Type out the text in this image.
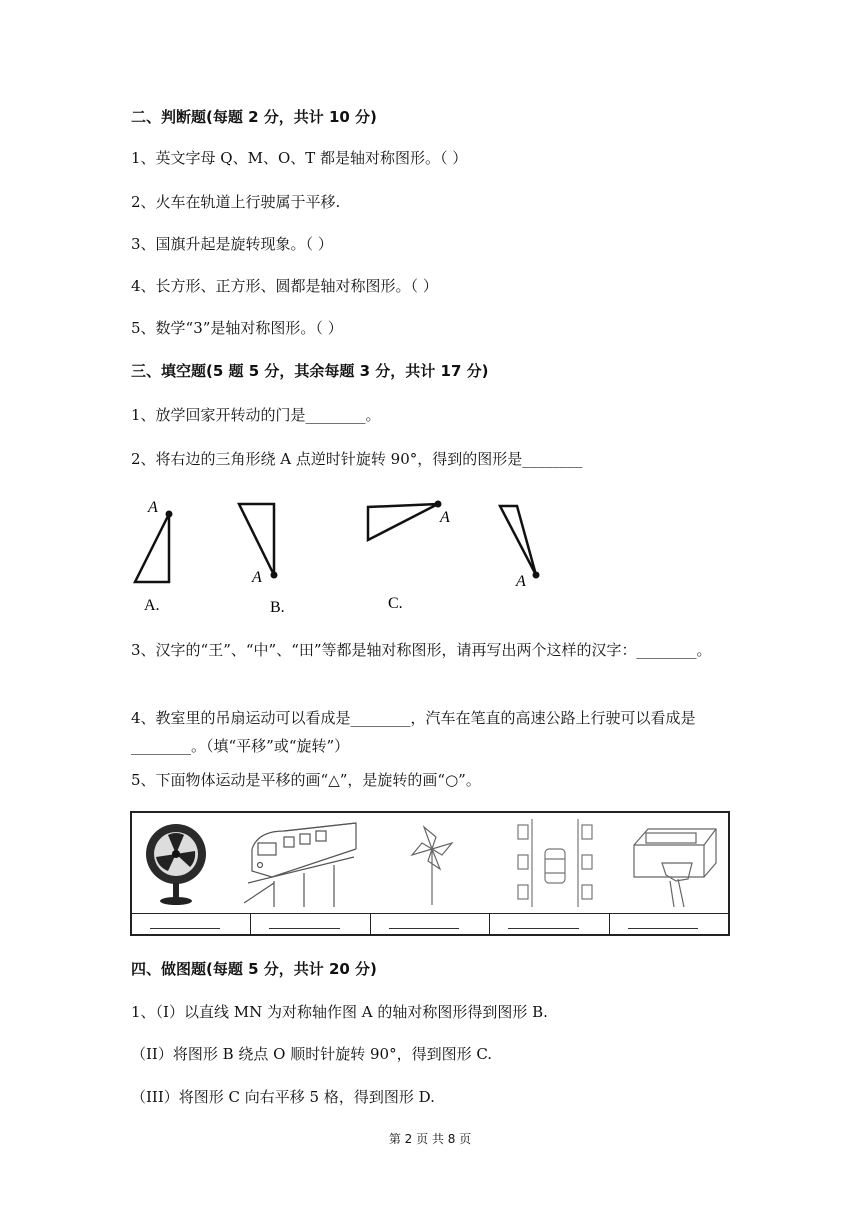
二、判断题(每题 2 分，共计 10 分)
1、英文字母 Q、M、O、T 都是轴对称图形。（ ）
2、火车在轨道上行驶属于平移.
3、国旗升起是旋转现象。（ ）
4、长方形、正方形、圆都是轴对称图形。（ ）
5、数学“3”是轴对称图形。（ ）
三、填空题(5 题 5 分，其余每题 3 分，共计 17 分)
1、放学回家开转动的门是________。
2、将右边的三角形绕 A 点逆时针旋转 90°，得到的图形是________
A
A.
A
B.
A
C.
A
3、汉字的“王”、“中”、“田”等都是轴对称图形，请再写出两个这样的汉字：________。
4、教室里的吊扇运动可以看成是________，汽车在笔直的高速公路上行驶可以看成是________。（填“平移”或“旋转”）
5、下面物体运动是平移的画“△”，是旋转的画“○”。
四、做图题(每题 5 分，共计 20 分)
1、（I）以直线 MN 为对称轴作图 A 的轴对称图形得到图形 B.
（II）将图形 B 绕点 O 顺时针旋转 90°，得到图形 C.
（III）将图形 C 向右平移 5 格，得到图形 D.
第 2 页 共 8 页
